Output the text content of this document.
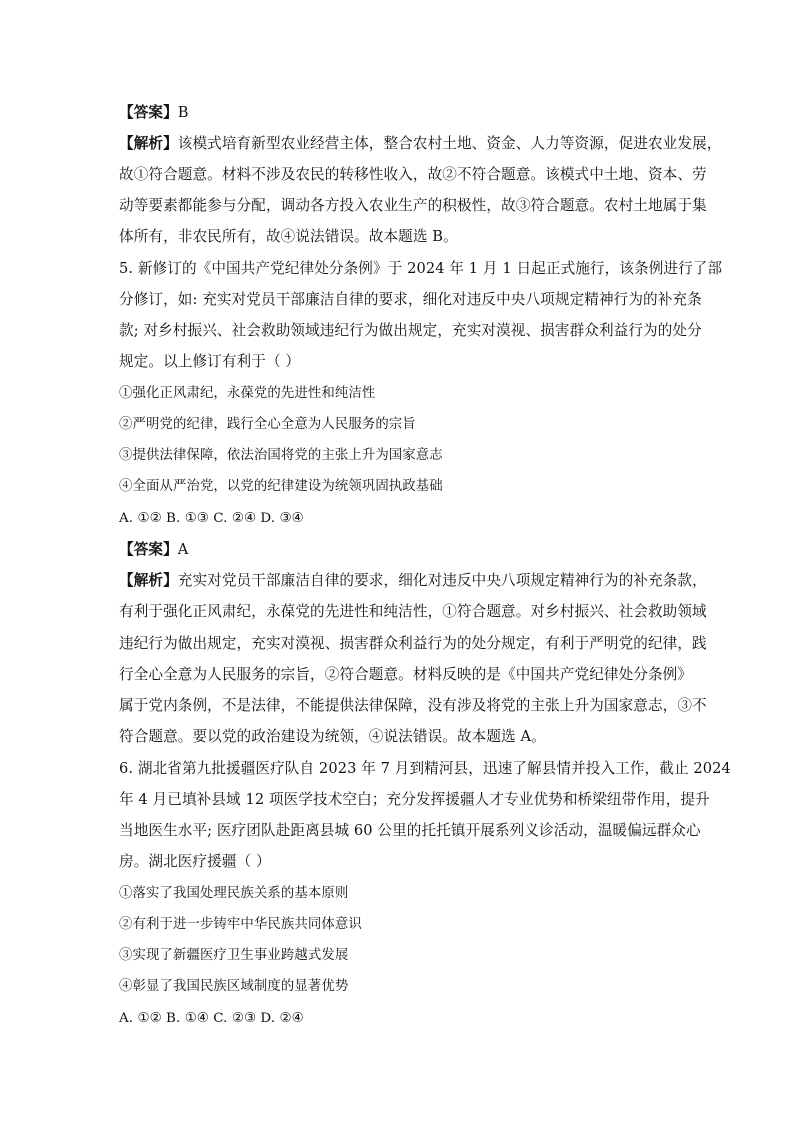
【答案】B
【解析】该模式培育新型农业经营主体，整合农村土地、资金、人力等资源，促进农业发展，
故①符合题意。材料不涉及农民的转移性收入，故②不符合题意。该模式中土地、资本、劳
动等要素都能参与分配，调动各方投入农业生产的积极性，故③符合题意。农村土地属于集
体所有，非农民所有，故④说法错误。故本题选 B。
5. 新修订的《中国共产党纪律处分条例》于 2024 年 1 月 1 日起正式施行，该条例进行了部
分修订，如: 充实对党员干部廉洁自律的要求，细化对违反中央八项规定精神行为的补充条
款; 对乡村振兴、社会救助领域违纪行为做出规定，充实对漠视、损害群众利益行为的处分
规定。以上修订有利于（ ）
①强化正风肃纪，永葆党的先进性和纯洁性
②严明党的纪律，践行全心全意为人民服务的宗旨
③提供法律保障，依法治国将党的主张上升为国家意志
④全面从严治党，以党的纪律建设为统领巩固执政基础
A. ①② B. ①③ C. ②④ D. ③④
【答案】A
【解析】充实对党员干部廉洁自律的要求，细化对违反中央八项规定精神行为的补充条款，
有利于强化正风肃纪，永葆党的先进性和纯洁性，①符合题意。对乡村振兴、社会救助领域
违纪行为做出规定，充实对漠视、损害群众利益行为的处分规定，有利于严明党的纪律，践
行全心全意为人民服务的宗旨，②符合题意。材料反映的是《中国共产党纪律处分条例》
属于党内条例，不是法律，不能提供法律保障，没有涉及将党的主张上升为国家意志，③不
符合题意。要以党的政治建设为统领，④说法错误。故本题选 A。
6. 湖北省第九批援疆医疗队自 2023 年 7 月到精河县，迅速了解县情并投入工作，截止 2024
年 4 月已填补县域 12 项医学技术空白；充分发挥援疆人才专业优势和桥梁纽带作用，提升
当地医生水平; 医疗团队赴距离县城 60 公里的托托镇开展系列义诊活动，温暖偏远群众心
房。湖北医疗援疆（ ）
①落实了我国处理民族关系的基本原则
②有利于进一步铸牢中华民族共同体意识
③实现了新疆医疗卫生事业跨越式发展
④彰显了我国民族区域制度的显著优势
A. ①② B. ①④ C. ②③ D. ②④
